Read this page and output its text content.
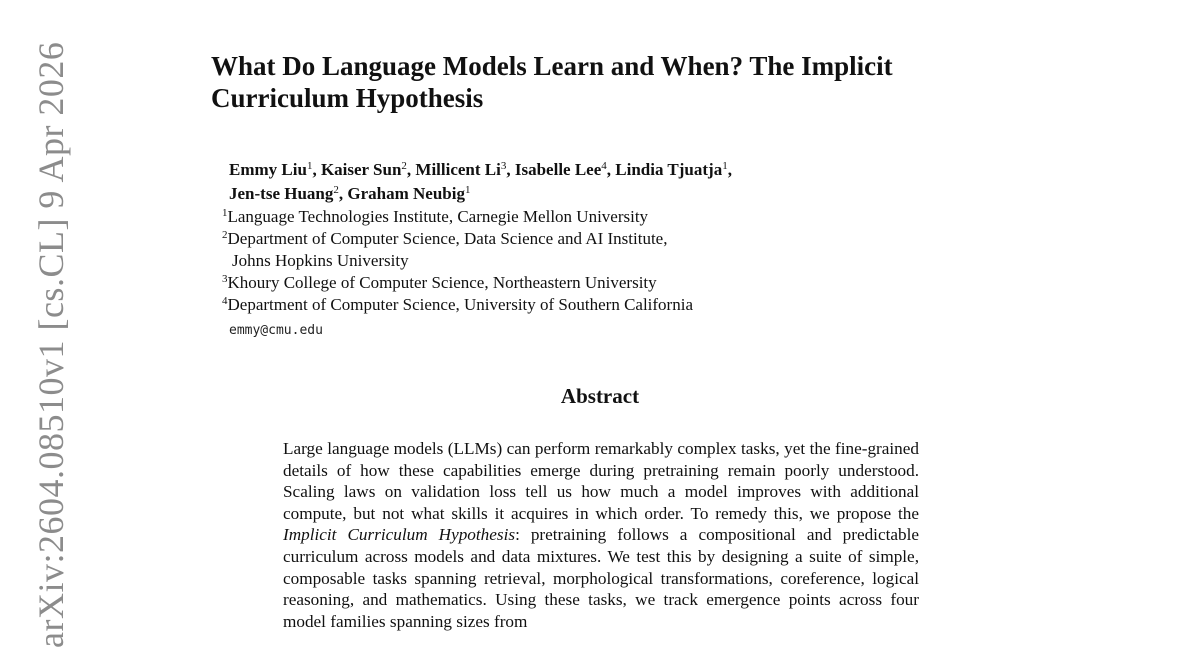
arXiv:2604.08510v1 [cs.CL] 9 Apr 2026	What Do Language Models Learn and When? The Implicit
Curriculum Hypothesis
Emmy Liu$^1$, Kaiser Sun$^2$, Millicent Li$^3$, Isabelle Lee$^4$, Lindia Tjuatja$^1$,
Jen-tse Huang$^2$, Graham Neubig$^1$
$^1$Language Technologies Institute, Carnegie Mellon University
$^2$Department of Computer Science, Data Science and AI Institute,
Johns Hopkins University
$^3$Khoury College of Computer Science, Northeastern University
$^4$Department of Computer Science, University of Southern California
emmy@cmu.edu
Abstract
Large language models (LLMs) can perform remarkably complex tasks, yet the fine-grained details of how these capabilities emerge during pretraining remain poorly understood. Scaling laws on validation loss tell us how much a model improves with additional compute, but not what skills it acquires in which order. To remedy this, we propose the Implicit Curriculum Hypothesis: pretraining follows a compositional and predictable curriculum across models and data mixtures. We test this by designing a suite of simple, composable tasks spanning retrieval, morphological transformations, coreference, logical reasoning, and mathematics. Using these tasks, we track emergence points across four model families spanning sizes from
